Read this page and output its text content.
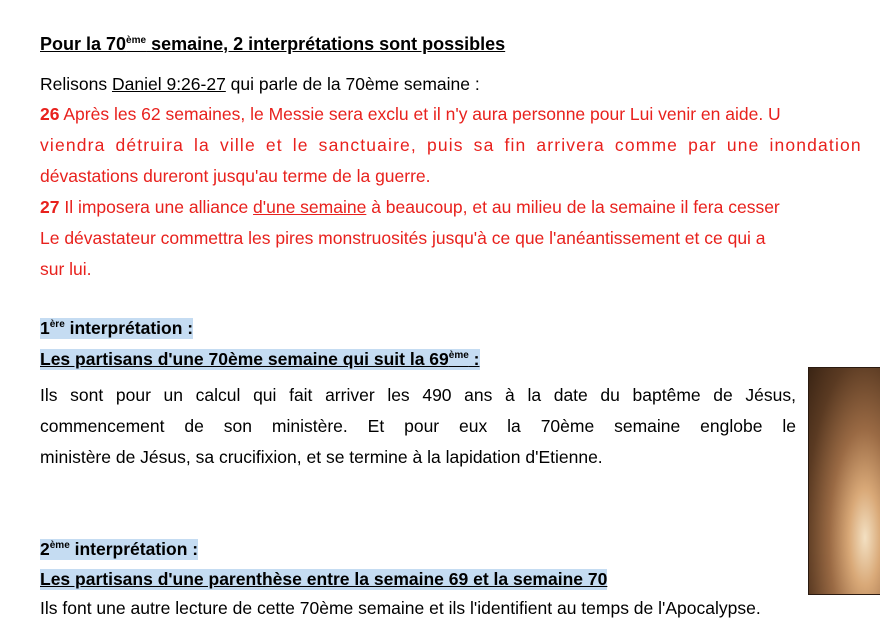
Pour la 70ème semaine, 2 interprétations sont possibles
Relisons Daniel 9:26-27 qui parle de la 70ème semaine :
26 Après les 62 semaines, le Messie sera exclu et il n'y aura personne pour Lui venir en aide. U
viendra détruira la ville et le sanctuaire, puis sa fin arrivera comme par une inondation
dévastations dureront jusqu'au terme de la guerre.
27 Il imposera une alliance d'une semaine à beaucoup, et au milieu de la semaine il fera cesser
Le dévastateur commettra les pires monstruosités jusqu'à ce que l'anéantissement et ce qui a
sur lui.
1ère interprétation :
Les partisans d'une 70ème semaine qui suit la 69ème :
Ils sont pour un calcul qui fait arriver les 490 ans à la date du baptême de Jésus,
commencement de son ministère. Et pour eux la 70ème semaine englobe le
ministère de Jésus, sa crucifixion, et se termine à la lapidation d'Etienne.
2ème interprétation :
Les partisans d'une parenthèse entre la semaine 69 et la semaine 70
Ils font une autre lecture de cette 70ème semaine et ils l'identifient au temps de l'Apocalypse.
